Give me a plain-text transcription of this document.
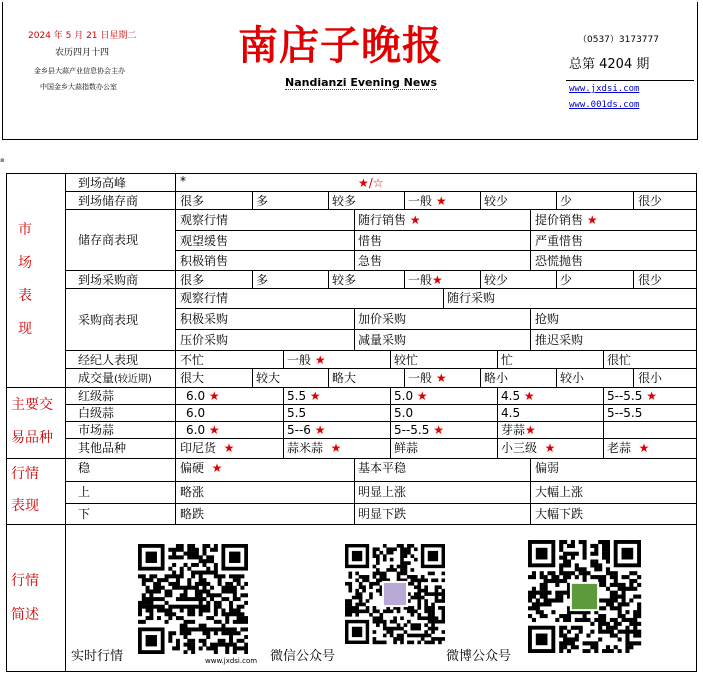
2024 年 5 月 21 日星期二
农历四月十四
金乡县大蒜产业信息协会主办
中国金乡大蒜指数办公室
南店子晚报
Nandianzi Evening News
（0537）3173777
总第 4204 期
www.jxdsi.com
www.001ds.com
▪
市
场
表
现
主要交
易品种
行情
表现
行情
简述
到场高峰	*	★/☆
到场储存商	很多	多	较多	一般 ★	较少	少	很少
储存商表现
观察行情	随行销售 ★	提价销售 ★
观望缓售	惜售	严重惜售
积极销售	急售	恐慌抛售
到场采购商	很多	多	较多	一般★	较少	少	很少
采购商表现
观察行情	随行采购
积极采购	加价采购	抢购
压价采购	减量采购	推迟采购
经纪人表现	不忙	一般 ★	较忙	忙	很忙
成交量(较近期) 很大	较大	略大	一般 ★	略小	较小	很小
红级蒜	6.0 ★	5.5 ★	5.0 ★	4.5 ★	5--5.5 ★
白级蒜	6.0	5.5	5.0	4.5	5--5.5
市场蒜	6.0 ★	5--6 ★	5--5.5 ★	芽蒜★
其他品种	印尼货 ★	蒜米蒜 ★	鲜蒜	小三级 ★	老蒜 ★
稳	偏硬 ★	基本平稳	偏弱
上	略涨	明显上涨	大幅上涨
下	略跌	明显下跌	大幅下跌
www.jxdsi.com
实时行情	微信公众号	微博公众号
